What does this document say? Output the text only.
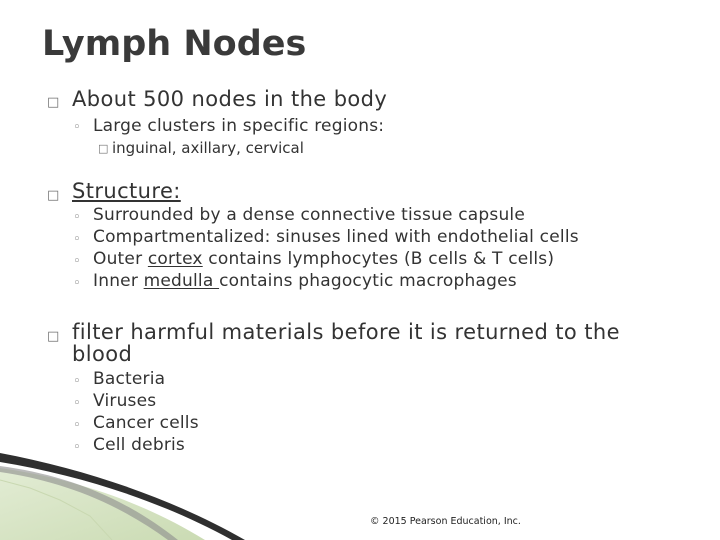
Lymph Nodes
□ About 500 nodes in the body
◦ Large clusters in specific regions:
□ inguinal, axillary, cervical
□ Structure:
◦ Surrounded by a dense connective tissue capsule
◦ Compartmentalized: sinuses lined with endothelial cells
◦ Outer cortex contains lymphocytes (B cells & T cells)
◦ Inner medulla contains phagocytic macrophages
□ filter harmful materials before it is returned to the
blood
◦ Bacteria
◦ Viruses
◦ Cancer cells
◦ Cell debris
© 2015 Pearson Education, Inc.
